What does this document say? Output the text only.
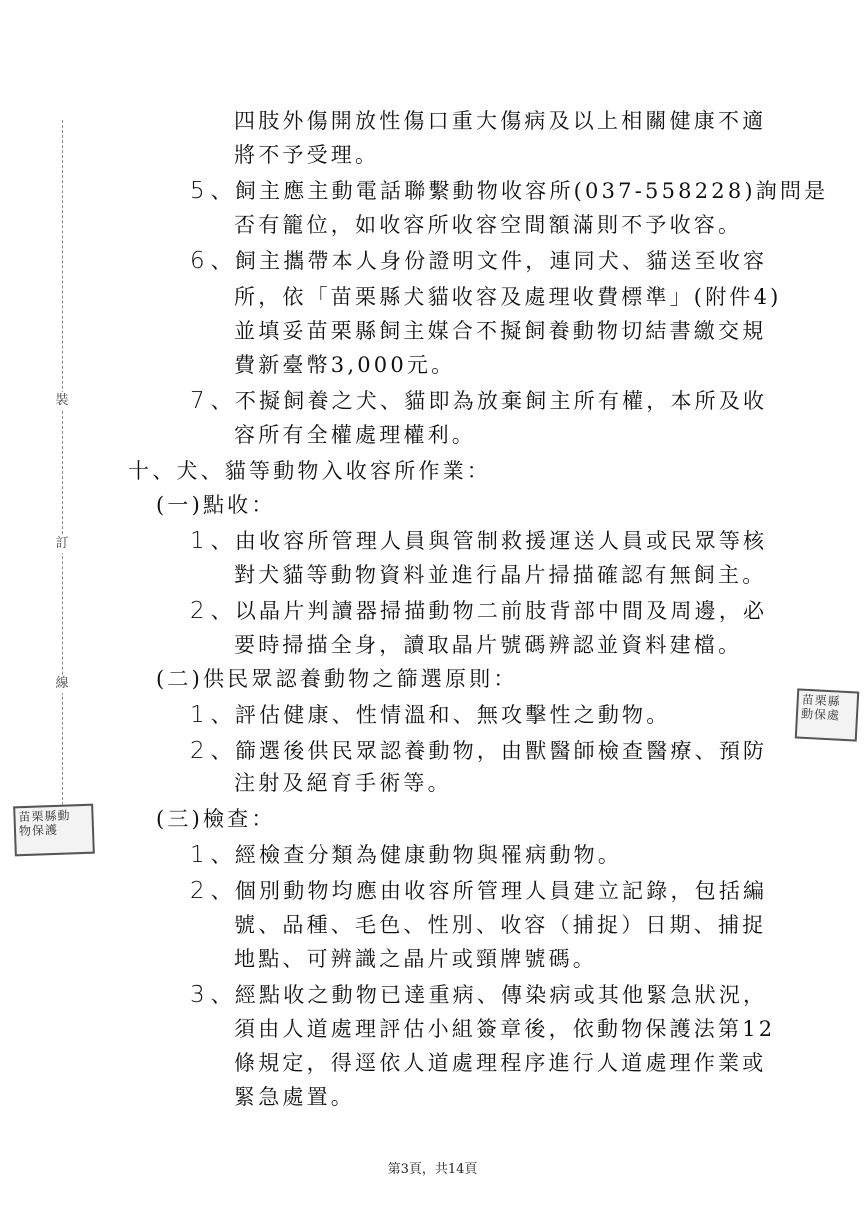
裝
訂
線
苗栗縣動
物保護
苗栗縣
動保處
四肢外傷開放性傷口重大傷病及以上相關健康不適
將不予受理。
5 、飼主應主動電話聯繫動物收容所(037-558228)詢問是
否有籠位，如收容所收容空間額滿則不予收容。
6 、飼主攜帶本人身份證明文件，連同犬、貓送至收容
所，依「苗栗縣犬貓收容及處理收費標準」(附件4)
並填妥苗栗縣飼主媒合不擬飼養動物切結書繳交規
費新臺幣3,000元。
7 、不擬飼養之犬、貓即為放棄飼主所有權，本所及收
容所有全權處理權利。
十、犬、貓等動物入收容所作業：
(一)點收：
1 、由收容所管理人員與管制救援運送人員或民眾等核
對犬貓等動物資料並進行晶片掃描確認有無飼主。
2 、以晶片判讀器掃描動物二前肢背部中間及周邊，必
要時掃描全身，讀取晶片號碼辨認並資料建檔。
(二)供民眾認養動物之篩選原則：
1 、評估健康、性情溫和、無攻擊性之動物。
2 、篩選後供民眾認養動物，由獸醫師檢查醫療、預防
注射及絕育手術等。
(三)檢查：
1 、經檢查分類為健康動物與罹病動物。
2 、個別動物均應由收容所管理人員建立記錄，包括編
號、品種、毛色、性別、收容（捕捉）日期、捕捉
地點、可辨識之晶片或頸牌號碼。
3 、經點收之動物已達重病、傳染病或其他緊急狀況，
須由人道處理評估小組簽章後，依動物保護法第12
條規定，得逕依人道處理程序進行人道處理作業或
緊急處置。
第3頁，共14頁
